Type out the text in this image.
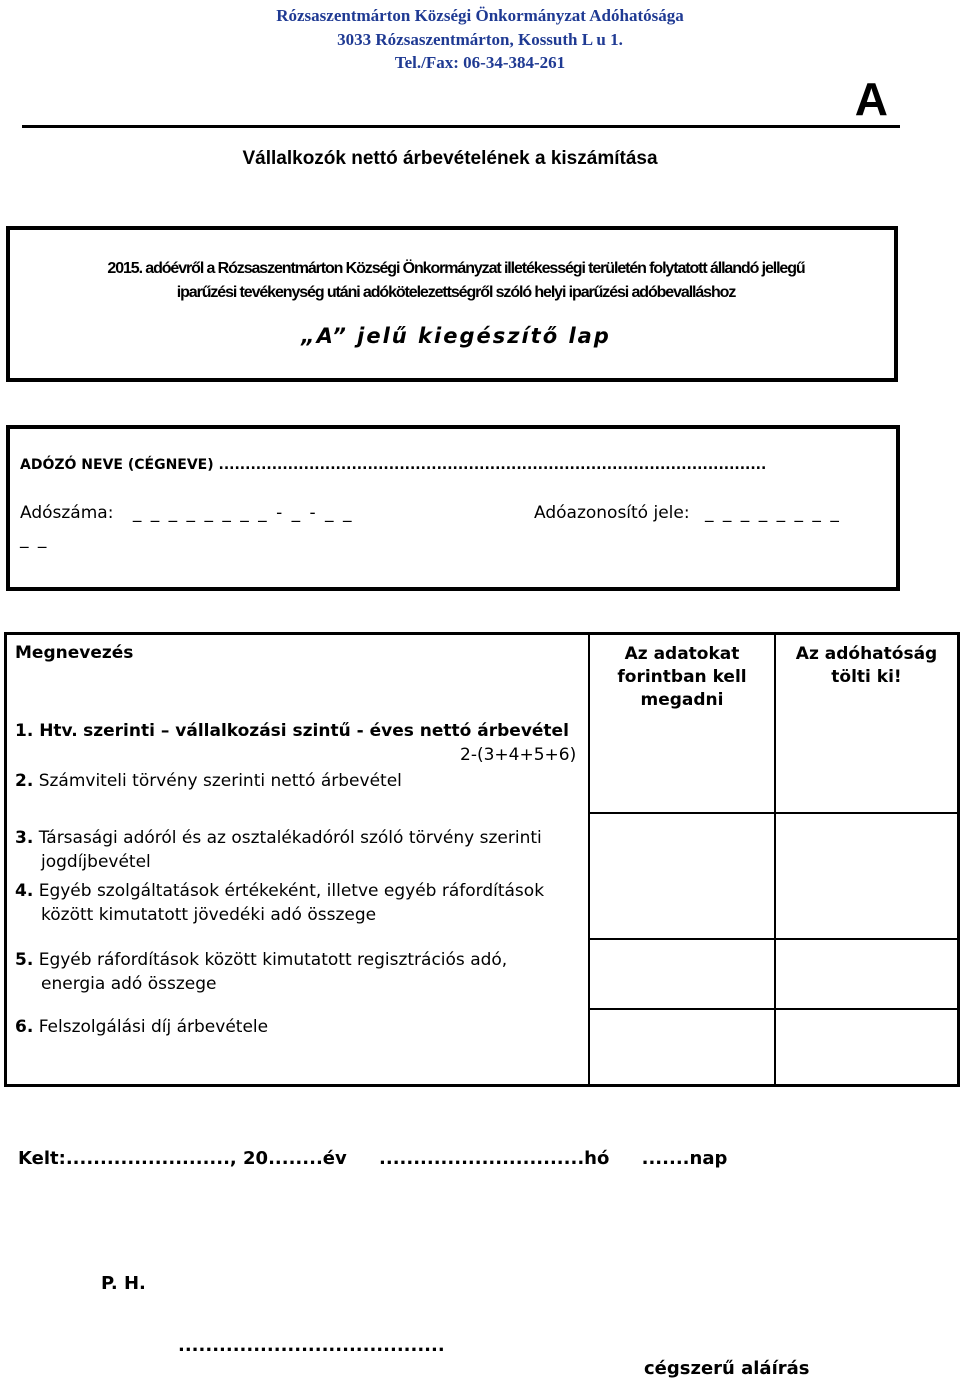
Rózsaszentmárton Községi Önkormányzat Adóhatósága
3033 Rózsaszentmárton, Kossuth L u 1.
Tel./Fax: 06-34-384-261
A
Vállalkozók nettó árbevételének a kiszámítása
2015. adóévről a Rózsaszentmárton Községi Önkormányzat illetékességi területén folytatott állandó jellegű
iparűzési tevékenység utáni adókötelezettségről szóló helyi iparűzési adóbevalláshoz
„A” jelű kiegészítő lap
ADÓZÓ NEVE (CÉGNEVE) .......................................................................................................
Adószáma: _ _ _ _ _ _ _ _ - _ - _ _	Adóazonosító jele: _ _ _ _ _ _ _ _
_ _
Megnevezés	Az adatokat
forintban kell
megadni
Az adóhatóság
tölti ki!
1. Htv. szerinti – vállalkozási szintű - éves nettó árbevétel
2-(3+4+5+6)
2. Számviteli törvény szerinti nettó árbevétel
3. Társasági adóról és az osztalékadóról szóló törvény szerinti
jogdíjbevétel
4. Egyéb szolgáltatások értékeként, illetve egyéb ráfordítások
között kimutatott jövedéki adó összege
5. Egyéb ráfordítások között kimutatott regisztrációs adó,
energia adó összege
6. Felszolgálási díj árbevétele
Kelt:........................, 20........év ..............................hó .......nap
P. H.
.......................................
cégszerű aláírás
